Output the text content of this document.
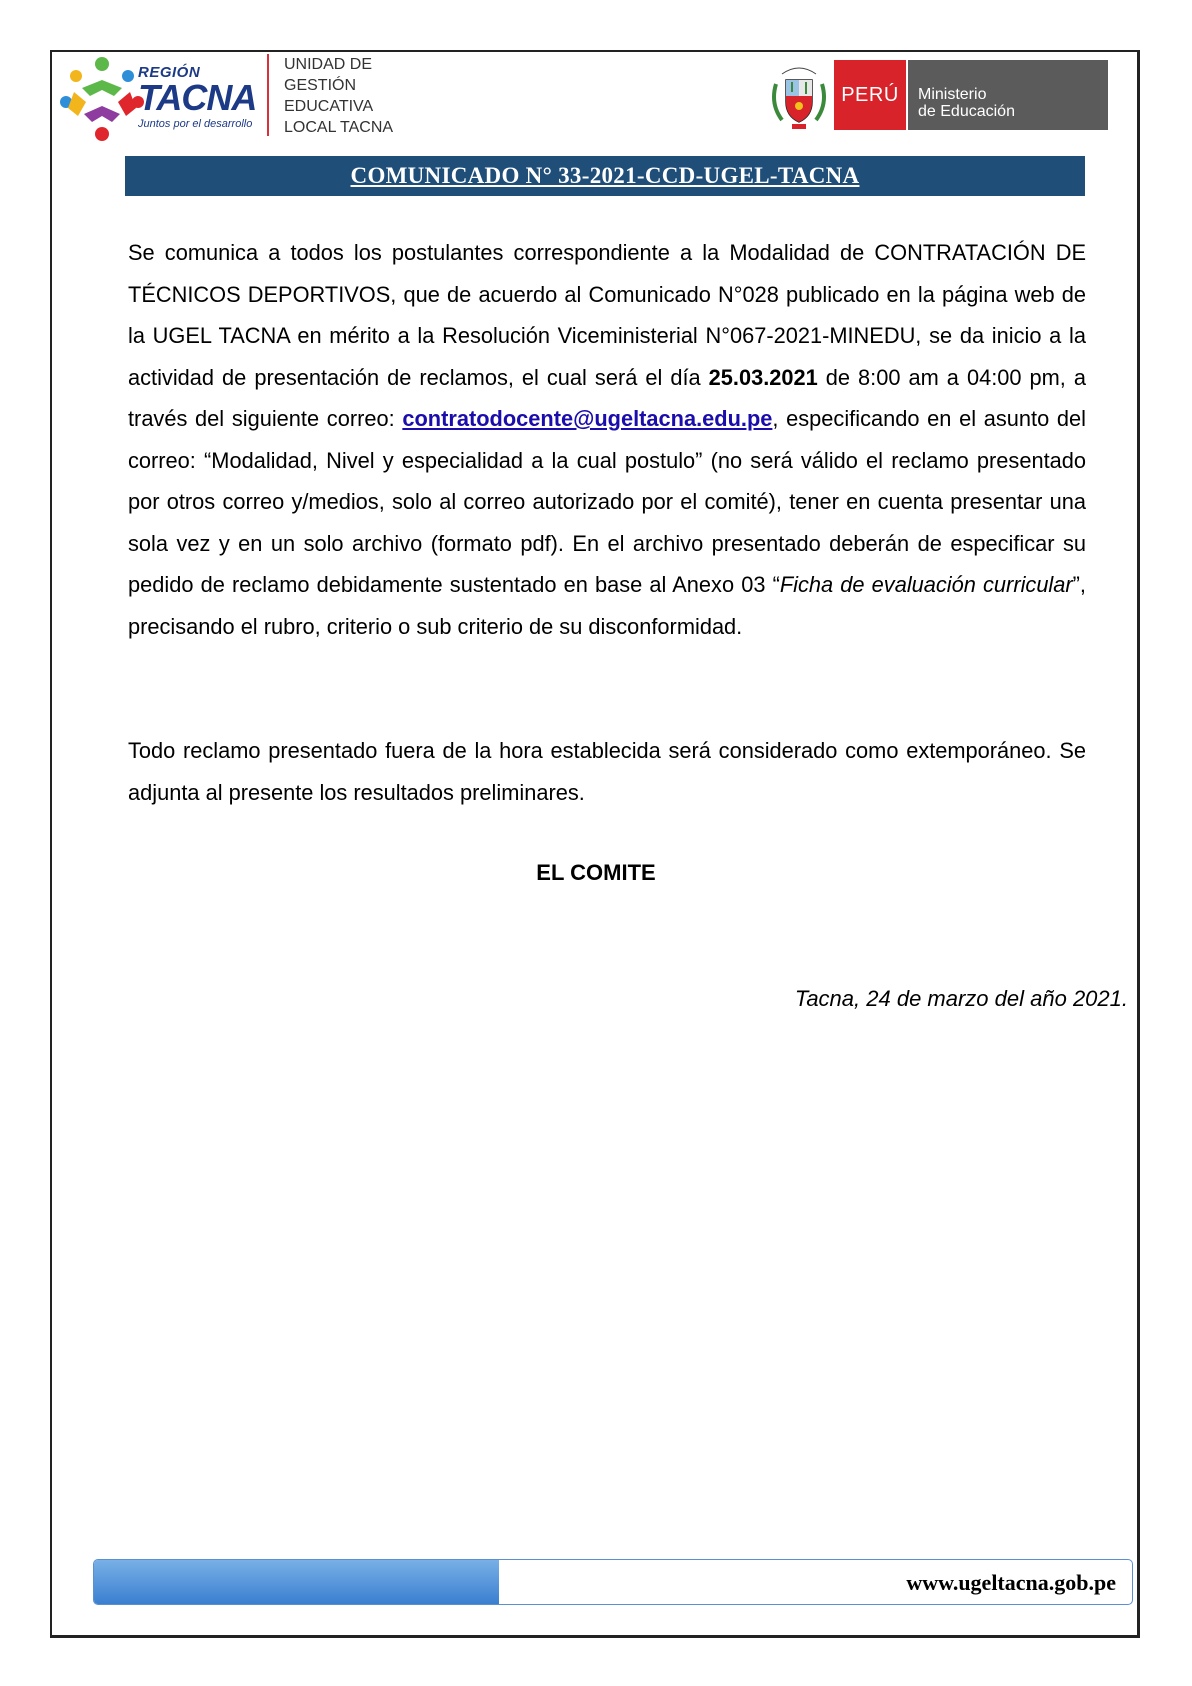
REGIÓN
TACNA
Juntos por el desarrollo
UNIDAD DE
GESTIÓN
EDUCATIVA
LOCAL TACNA
PERÚ	Ministerio
de Educación
COMUNICADO N° 33-2021-CCD-UGEL-TACNA
Se comunica a todos los postulantes correspondiente a la Modalidad de CONTRATACIÓN DE TÉCNICOS DEPORTIVOS, que de acuerdo al Comunicado N°028 publicado en la página web de la UGEL TACNA en mérito a la Resolución Viceministerial N°067-2021-MINEDU, se da inicio a la actividad de presentación de reclamos, el cual será el día 25.03.2021 de 8:00 am a 04:00 pm, a través del siguiente correo: contratodocente@ugeltacna.edu.pe, especificando en el asunto del correo: “Modalidad, Nivel y especialidad a la cual postulo” (no será válido el reclamo presentado por otros correo y/medios, solo al correo autorizado por el comité), tener en cuenta presentar una sola vez y en un solo archivo (formato pdf). En el archivo presentado deberán de especificar su pedido de reclamo debidamente sustentado en base al Anexo 03 “Ficha de evaluación curricular”, precisando el rubro, criterio o sub criterio de su disconformidad.
Todo reclamo presentado fuera de la hora establecida será considerado como extemporáneo. Se adjunta al presente los resultados preliminares.
EL COMITE
Tacna, 24 de marzo del año 2021.
www.ugeltacna.gob.pe
